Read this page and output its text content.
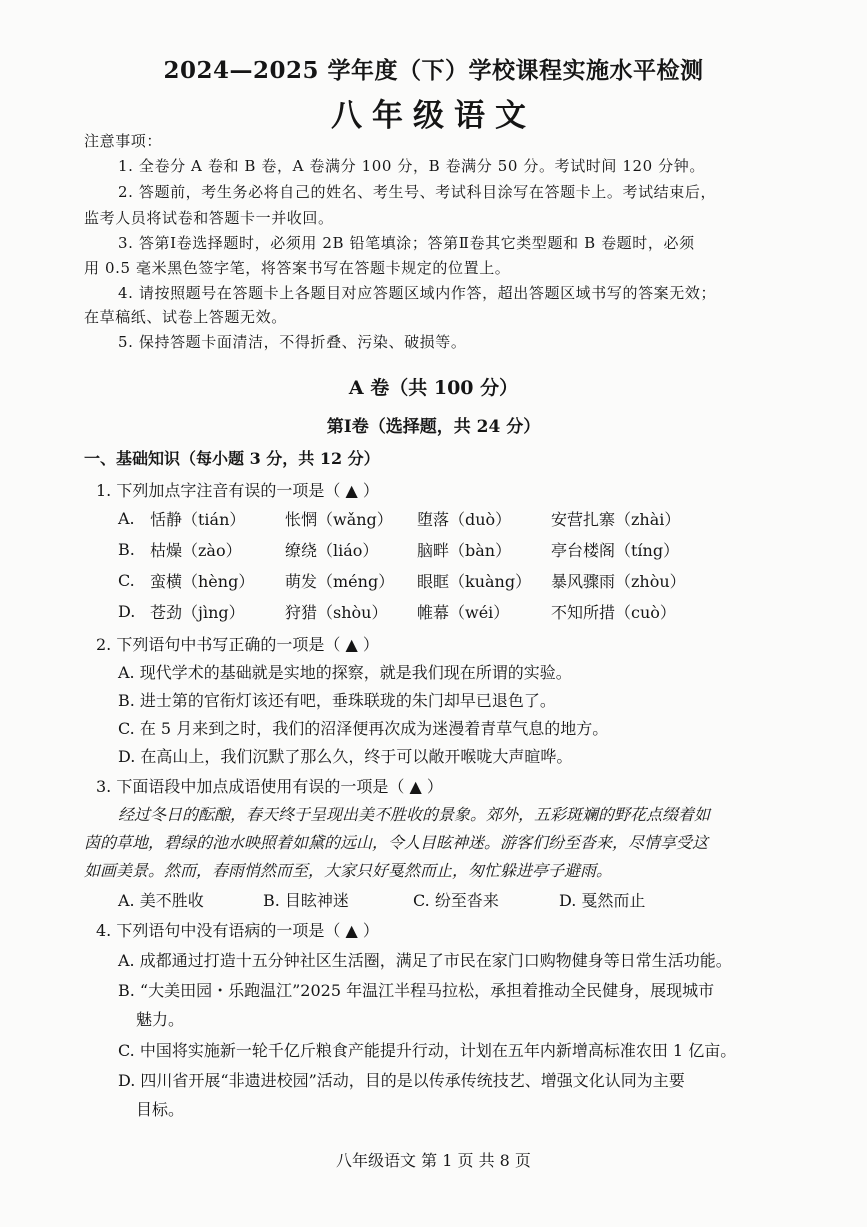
2024—2025 学年度（下）学校课程实施水平检测
八年级语文
注意事项：
1. 全卷分 A 卷和 B 卷，A 卷满分 100 分，B 卷满分 50 分。考试时间 120 分钟。
2. 答题前，考生务必将自己的姓名、考生号、考试科目涂写在答题卡上。考试结束后，
监考人员将试卷和答题卡一并收回。
3. 答第Ⅰ卷选择题时，必须用 2B 铅笔填涂；答第Ⅱ卷其它类型题和 B 卷题时，必须
用 0.5 毫米黑色签字笔，将答案书写在答题卡规定的位置上。
4. 请按照题号在答题卡上各题目对应答题区域内作答，超出答题区域书写的答案无效；
在草稿纸、试卷上答题无效。
5. 保持答题卡面清洁，不得折叠、污染、破损等。
A 卷（共 100 分）
第Ⅰ卷（选择题，共 24 分）
一、基础知识（每小题 3 分，共 12 分）
1. 下列加点字注音有误的一项是（ ▲ ）
A. 恬静（tián）	怅惘（wǎng）	堕落（duò）	安营扎寨（zhài）
B. 枯燥（zào）	缭绕（liáo）	脑畔（bàn）	亭台楼阁（tíng）
C. 蛮横（hèng）	萌发（méng）	眼眶（kuàng）	暴风骤雨（zhòu）
D. 苍劲（jìng）	狩猎（shòu）	帷幕（wéi）	不知所措（cuò）
2. 下列语句中书写正确的一项是（ ▲ ）
A. 现代学术的基础就是实地的探察，就是我们现在所谓的实验。
B. 进士第的官衔灯该还有吧，垂珠联珑的朱门却早已退色了。
C. 在 5 月来到之时，我们的沼泽便再次成为迷漫着青草气息的地方。
D. 在高山上，我们沉默了那么久，终于可以敞开喉咙大声暄哗。
3. 下面语段中加点成语使用有误的一项是（ ▲ ）
经过冬日的酝酿，春天终于呈现出美不胜收的景象。郊外，五彩斑斓的野花点缀着如
茵的草地，碧绿的池水映照着如黛的远山，令人目眩神迷。游客们纷至沓来，尽情享受这
如画美景。然而，春雨悄然而至，大家只好戛然而止，匆忙躲进亭子避雨。
A. 美不胜收	B. 目眩神迷	C. 纷至沓来	D. 戛然而止
4. 下列语句中没有语病的一项是（ ▲ ）
A. 成都通过打造十五分钟社区生活圈，满足了市民在家门口购物健身等日常生活功能。
B. “大美田园・乐跑温江”2025 年温江半程马拉松，承担着推动全民健身，展现城市
魅力。
C. 中国将实施新一轮千亿斤粮食产能提升行动，计划在五年内新增高标准农田 1 亿亩。
D. 四川省开展“非遗进校园”活动，目的是以传承传统技艺、增强文化认同为主要
目标。
八年级语文 第 1 页 共 8 页
